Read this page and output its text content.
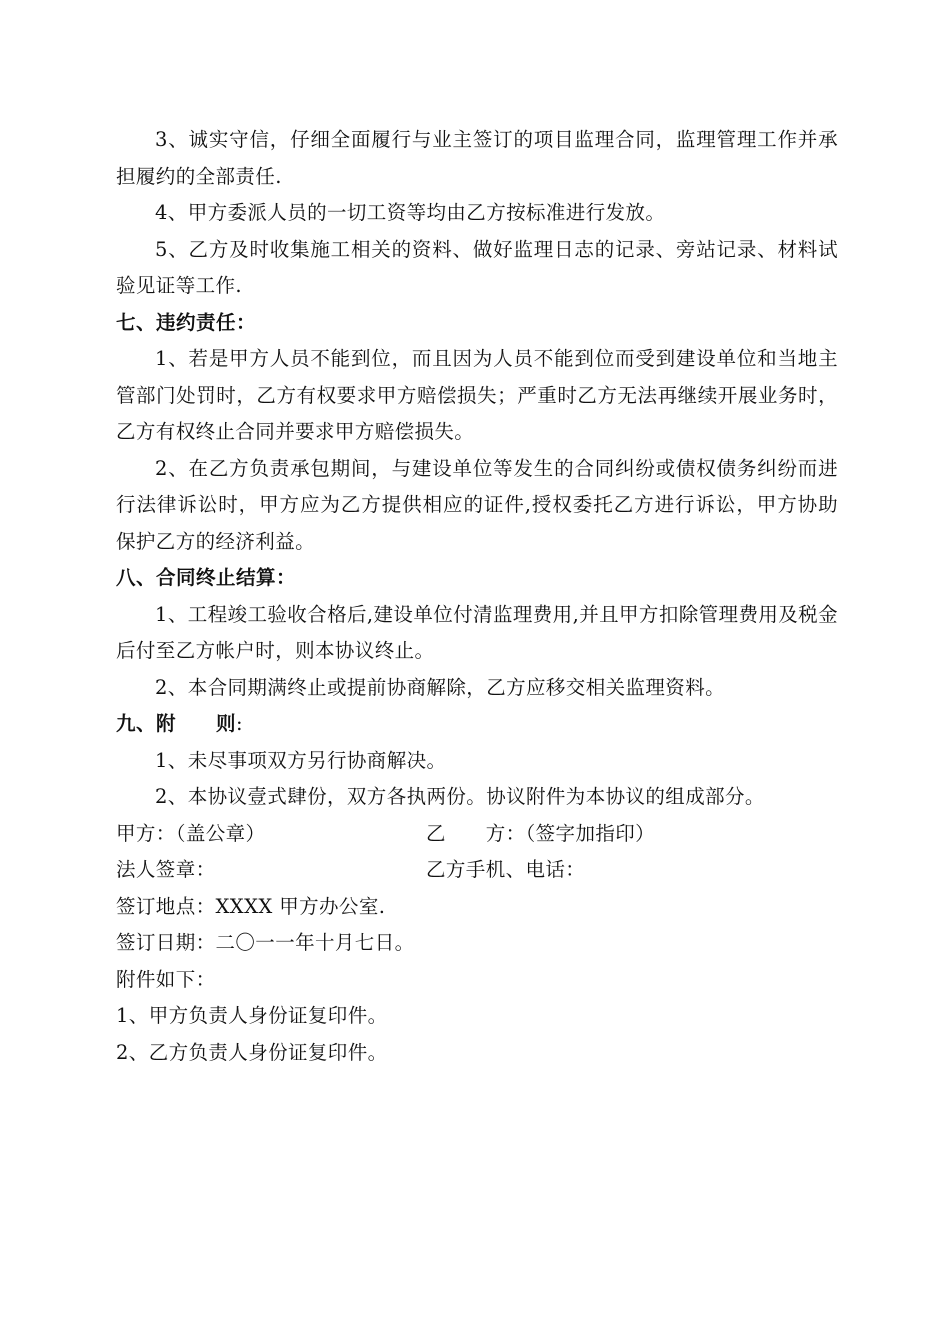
3、诚实守信，仔细全面履行与业主签订的项目监理合同，监理管理工作并承担履约的全部责任.

4、甲方委派人员的一切工资等均由乙方按标准进行发放。

5、乙方及时收集施工相关的资料、做好监理日志的记录、旁站记录、材料试验见证等工作.

七、违约责任：

1、若是甲方人员不能到位，而且因为人员不能到位而受到建设单位和当地主管部门处罚时，乙方有权要求甲方赔偿损失；严重时乙方无法再继续开展业务时，乙方有权终止合同并要求甲方赔偿损失。

2、在乙方负责承包期间，与建设单位等发生的合同纠纷或债权债务纠纷而进行法律诉讼时，甲方应为乙方提供相应的证件,授权委托乙方进行诉讼，甲方协助保护乙方的经济利益。

八、合同终止结算：

1、工程竣工验收合格后,建设单位付清监理费用,并且甲方扣除管理费用及税金后付至乙方帐户时，则本协议终止。

2、本合同期满终止或提前协商解除，乙方应移交相关监理资料。

九、附　　则:

1、未尽事项双方另行协商解决。

2、本协议壹式肆份，双方各执两份。协议附件为本协议的组成部分。

甲方：（盖公章）	乙　　方：（签字加指印）
法人签章：	乙方手机、电话：

签订地点：XXXX 甲方办公室.

签订日期：二〇一一年十月七日。

附件如下：

1、甲方负责人身份证复印件。

2、乙方负责人身份证复印件。
